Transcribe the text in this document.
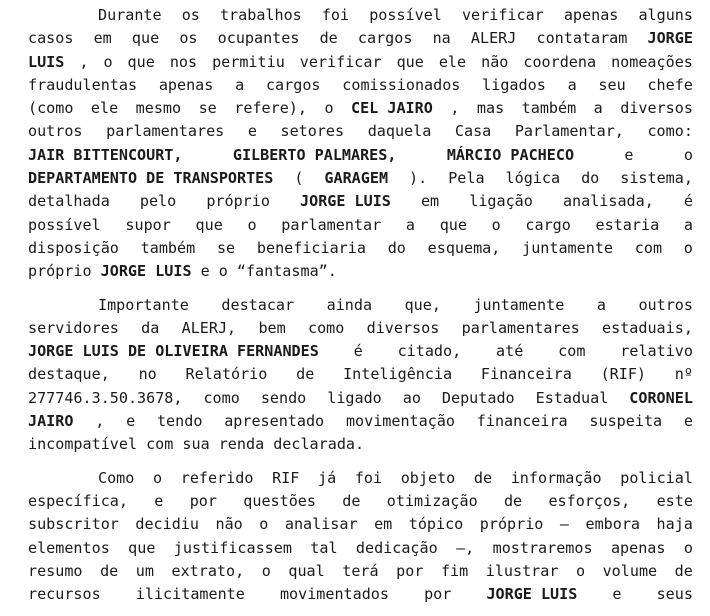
Durante os trabalhos foi possível verificar apenas alguns
casos em que os ocupantes de cargos na ALERJ contataram JORGE
LUIS , o que nos permitiu verificar que ele não coordena nomeações
fraudulentas apenas a cargos comissionados ligados a seu chefe
(como ele mesmo se refere), o CEL JAIRO , mas também a diversos
outros parlamentares e setores daquela Casa Parlamentar, como:
JAIR BITTENCOURT,	GILBERTO PALMARES,	MÁRCIO PACHECO	e	o
DEPARTAMENTO DE TRANSPORTES ( GARAGEM ). Pela lógica do sistema,
detalhada pelo próprio JORGE LUIS em ligação analisada, é
possível supor que o parlamentar a que o cargo estaria a
disposição também se beneficiaria do esquema, juntamente com o
próprio JORGE LUIS e o “fantasma”.
Importante destacar ainda que, juntamente a outros
servidores da ALERJ, bem como diversos parlamentares estaduais,
JORGE LUIS DE OLIVEIRA FERNANDES é citado, até com relativo
destaque, no Relatório de Inteligência Financeira (RIF) nº
277746.3.50.3678, como sendo ligado ao Deputado Estadual CORONEL
JAIRO , e tendo apresentado movimentação financeira suspeita e
incompatível com sua renda declarada.
Como o referido RIF já foi objeto de informação policial
específica, e por questões de otimização de esforços, este
subscritor decidiu não o analisar em tópico próprio – embora haja
elementos que justificassem tal dedicação –, mostraremos apenas o
resumo de um extrato, o qual terá por fim ilustrar o volume de
recursos ilicitamente movimentados por JORGE LUIS e seus
